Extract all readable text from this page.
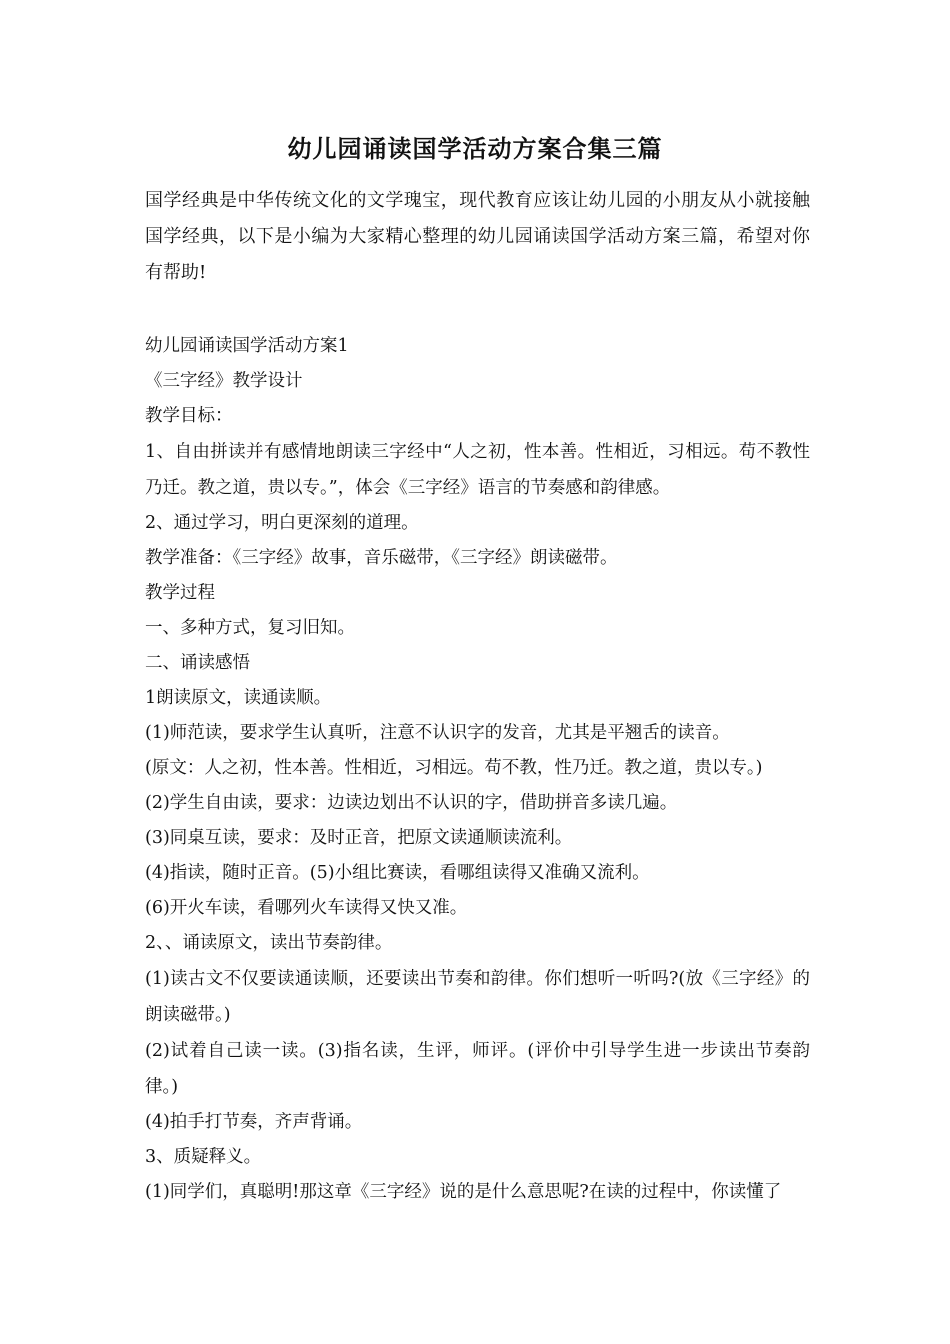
幼儿园诵读国学活动方案合集三篇
国学经典是中华传统文化的文学瑰宝，现代教育应该让幼儿园的小朋友从小就接触国学经典，以下是小编为大家精心整理的幼儿园诵读国学活动方案三篇，希望对你有帮助!
幼儿园诵读国学活动方案1
《三字经》教学设计
教学目标：
1、自由拼读并有感情地朗读三字经中“人之初，性本善。性相近，习相远。苟不教性乃迁。教之道，贵以专。”，体会《三字经》语言的节奏感和韵律感。
2、通过学习，明白更深刻的道理。
教学准备：《三字经》故事，音乐磁带，《三字经》朗读磁带。
教学过程
一、多种方式，复习旧知。
二、诵读感悟
1朗读原文，读通读顺。
(1)师范读，要求学生认真听，注意不认识字的发音，尤其是平翘舌的读音。
(原文：人之初，性本善。性相近，习相远。苟不教，性乃迁。教之道，贵以专。)
(2)学生自由读，要求：边读边划出不认识的字，借助拼音多读几遍。
(3)同桌互读，要求：及时正音，把原文读通顺读流利。
(4)指读，随时正音。(5)小组比赛读，看哪组读得又准确又流利。
(6)开火车读，看哪列火车读得又快又准。
2、、诵读原文，读出节奏韵律。
(1)读古文不仅要读通读顺，还要读出节奏和韵律。你们想听一听吗?(放《三字经》的朗读磁带。)
(2)试着自己读一读。(3)指名读，生评，师评。(评价中引导学生进一步读出节奏韵律。)
(4)拍手打节奏，齐声背诵。
3、质疑释义。
(1)同学们，真聪明!那这章《三字经》说的是什么意思呢?在读的过程中，你读懂了
